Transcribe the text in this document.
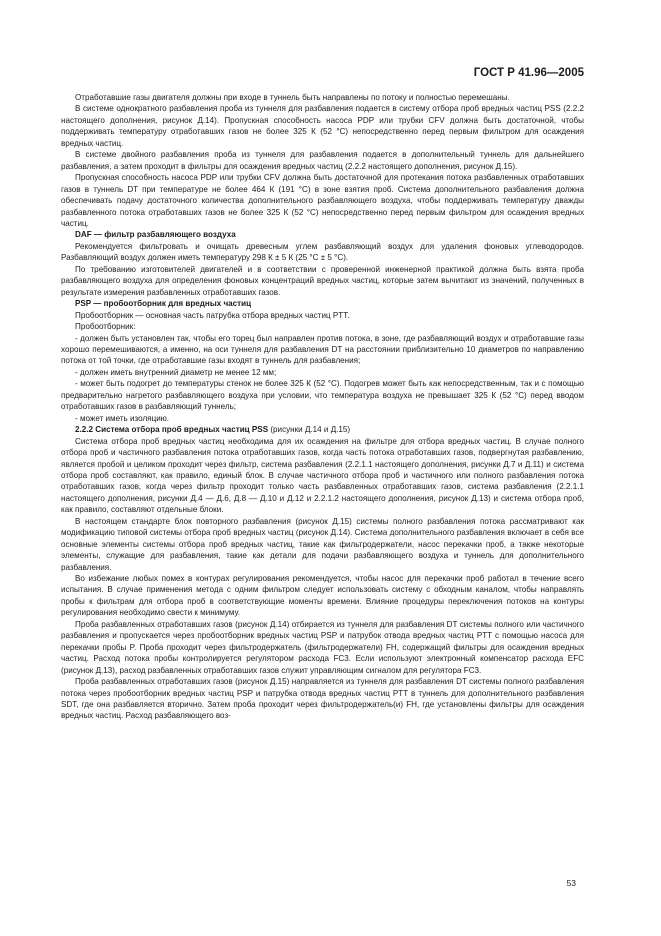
ГОСТ Р 41.96—2005

Отработавшие газы двигателя должны при входе в туннель быть направлены по потоку и полностью перемешаны.

В системе однократного разбавления проба из туннеля для разбавления подается в систему отбора проб вредных частиц PSS (2.2.2 настоящего дополнения, рисунок Д.14). Пропускная способность насоса PDP или трубки CFV должна быть достаточной, чтобы поддерживать температуру отработавших газов не более 325 К (52 °С) непосредственно перед первым фильтром для осаждения вредных частиц.

В системе двойного разбавления проба из туннеля для разбавления подается в дополнительный туннель для дальнейшего разбавления, а затем проходит в фильтры для осаждения вредных частиц (2.2.2 настоящего дополнения, рисунок Д.15).

Пропускная способность насоса PDP или трубки CFV должна быть достаточной для протекания потока разбавленных отработавших газов в туннель DT при температуре не более 464 К (191 °С) в зоне взятия проб. Система дополнительного разбавления должна обеспечивать подачу достаточного количества дополнительного разбавляющего воздуха, чтобы поддерживать температуру дважды разбавленного потока отработавших газов не более 325 К (52 °С) непосредственно перед первым фильтром для осаждения вредных частиц.

DAF — фильтр разбавляющего воздуха

Рекомендуется фильтровать и очищать древесным углем разбавляющий воздух для удаления фоновых углеводородов. Разбавляющий воздух должен иметь температуру 298 К ± 5 К (25 °С ± 5 °С).

По требованию изготовителей двигателей и в соответствии с проверенной инженерной практикой должна быть взята проба разбавляющего воздуха для определения фоновых концентраций вредных частиц, которые затем вычитают из значений, полученных в результате измерения разбавленных отработавших газов.

PSP — пробоотборник для вредных частиц

Пробоотборник — основная часть патрубка отбора вредных частиц PTT.

Пробоотборник:

- должен быть установлен так, чтобы его торец был направлен против потока, в зоне, где разбавляющий воздух и отработавшие газы хорошо перемешиваются, а именно, на оси туннеля для разбавления DT на расстоянии приблизительно 10 диаметров по направлению потока от той точки, где отработавшие газы входят в туннель для разбавления;

- должен иметь внутренний диаметр не менее 12 мм;

- может быть подогрет до температуры стенок не более 325 К (52 °С). Подогрев может быть как непосредственным, так и с помощью предварительно нагретого разбавляющего воздуха при условии, что температура воздуха не превышает 325 К (52 °С) перед вводом отработавших газов в разбавляющий туннель;

- может иметь изоляцию.

2.2.2 Система отбора проб вредных частиц PSS (рисунки Д.14 и Д.15)

Система отбора проб вредных частиц необходима для их осаждения на фильтре для отбора вредных частиц. В случае полного отбора проб и частичного разбавления потока отработавших газов, когда часть потока отработавших газов, подвергнутая разбавлению, является пробой и целиком проходит через фильтр, система разбавления (2.2.1.1 настоящего дополнения, рисунки Д.7 и Д.11) и система отбора проб составляют, как правило, единый блок. В случае частичного отбора проб и частичного или полного разбавления потока отработавших газов, когда через фильтр проходит только часть разбавленных отработавших газов, система разбавления (2.2.1.1 настоящего дополнения, рисунки Д.4 — Д.6, Д.8 — Д.10 и Д.12 и 2.2.1.2 настоящего дополнения, рисунок Д.13) и система отбора проб, как правило, составляют отдельные блоки.

В настоящем стандарте блок повторного разбавления (рисунок Д.15) системы полного разбавления потока рассматривают как модификацию типовой системы отбора проб вредных частиц (рисунок Д.14). Система дополнительного разбавления включает в себя все основные элементы системы отбора проб вредных частиц, такие как фильтродержатели, насос перекачки проб, а также некоторые элементы, служащие для разбавления, такие как детали для подачи разбавляющего воздуха и туннель для дополнительного разбавления.

Во избежание любых помех в контурах регулирования рекомендуется, чтобы насос для перекачки проб работал в течение всего испытания. В случае применения метода с одним фильтром следует использовать систему с обходным каналом, чтобы направлять пробы к фильтрам для отбора проб в соответствующие моменты времени. Влияние процедуры переключения потоков на контуры регулирования необходимо свести к минимуму.

Проба разбавленных отработавших газов (рисунок Д.14) отбирается из туннеля для разбавления DT системы полного или частичного разбавления и пропускается через пробоотборник вредных частиц PSP и патрубок отвода вредных частиц PTT с помощью насоса для перекачки пробы P. Проба проходит через фильтродержатель (фильтродержатели) FH, содержащий фильтры для осаждения вредных частиц. Расход потока пробы контролируется регулятором расхода FC3. Если используют электронный компенсатор расхода EFC (рисунок Д.13), расход разбавленных отработавших газов служит управляющим сигналом для регулятора FC3.

Проба разбавленных отработавших газов (рисунок Д.15) направляется из туннеля для разбавления DT системы полного разбавления потока через пробоотборник вредных частиц PSP и патрубка отвода вредных частиц PTT в туннель для дополнительного разбавления SDT, где она разбавляется вторично. Затем проба проходит через фильтродержатель(и) FH, где установлены фильтры для осаждения вредных частиц. Расход разбавляющего воз-

53
